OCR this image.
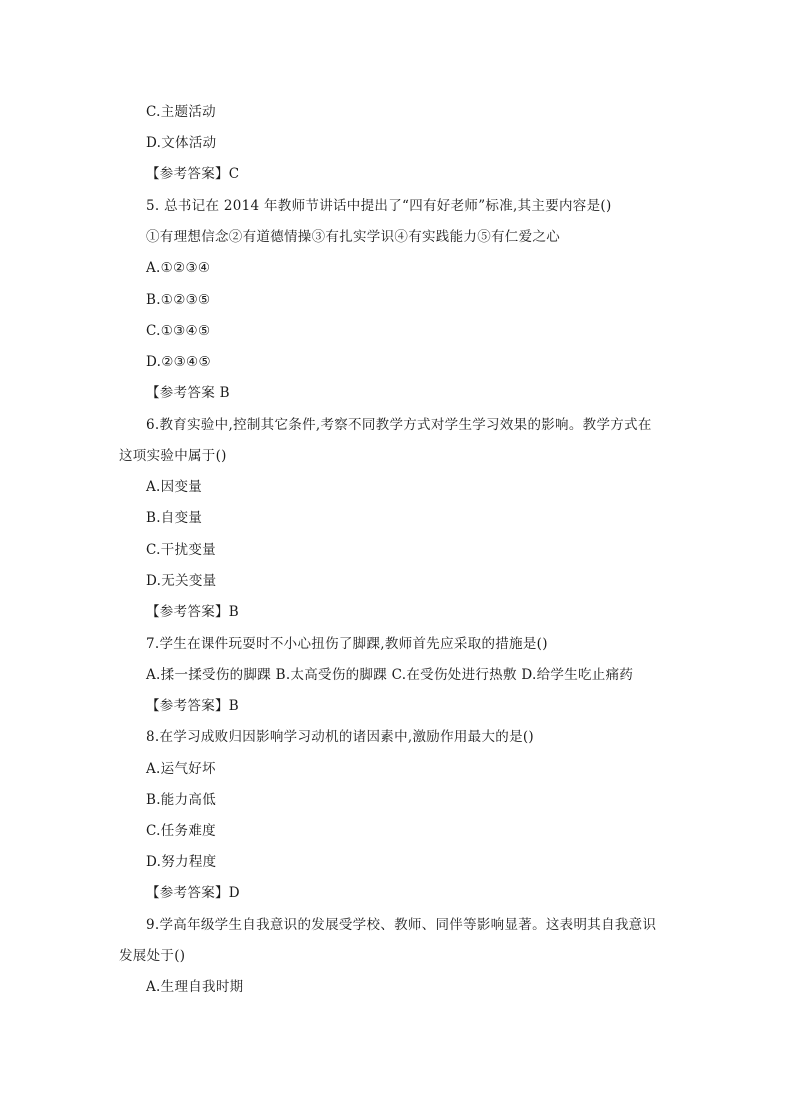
C.主题活动
D.文体活动
【参考答案】C
5. 总书记在 2014 年教师节讲话中提出了“四有好老师”标准,其主要内容是()
①有理想信念②有道德情操③有扎实学识④有实践能力⑤有仁爱之心
A.①②③④
B.①②③⑤
C.①③④⑤
D.②③④⑤
【参考答案 B
6.教育实验中,控制其它条件,考察不同教学方式对学生学习效果的影响。教学方式在
这项实验中属于()
A.因变量
B.自变量
C.干扰变量
D.无关变量
【参考答案】B
7.学生在课件玩耍时不小心扭伤了脚踝,教师首先应采取的措施是()
A.揉一揉受伤的脚踝 B.太高受伤的脚踝 C.在受伤处进行热敷 D.给学生吃止痛药
【参考答案】B
8.在学习成败归因影响学习动机的诸因素中,激励作用最大的是()
A.运气好坏
B.能力高低
C.任务难度
D.努力程度
【参考答案】D
9.学高年级学生自我意识的发展受学校、教师、同伴等影响显著。这表明其自我意识
发展处于()
A.生理自我时期
